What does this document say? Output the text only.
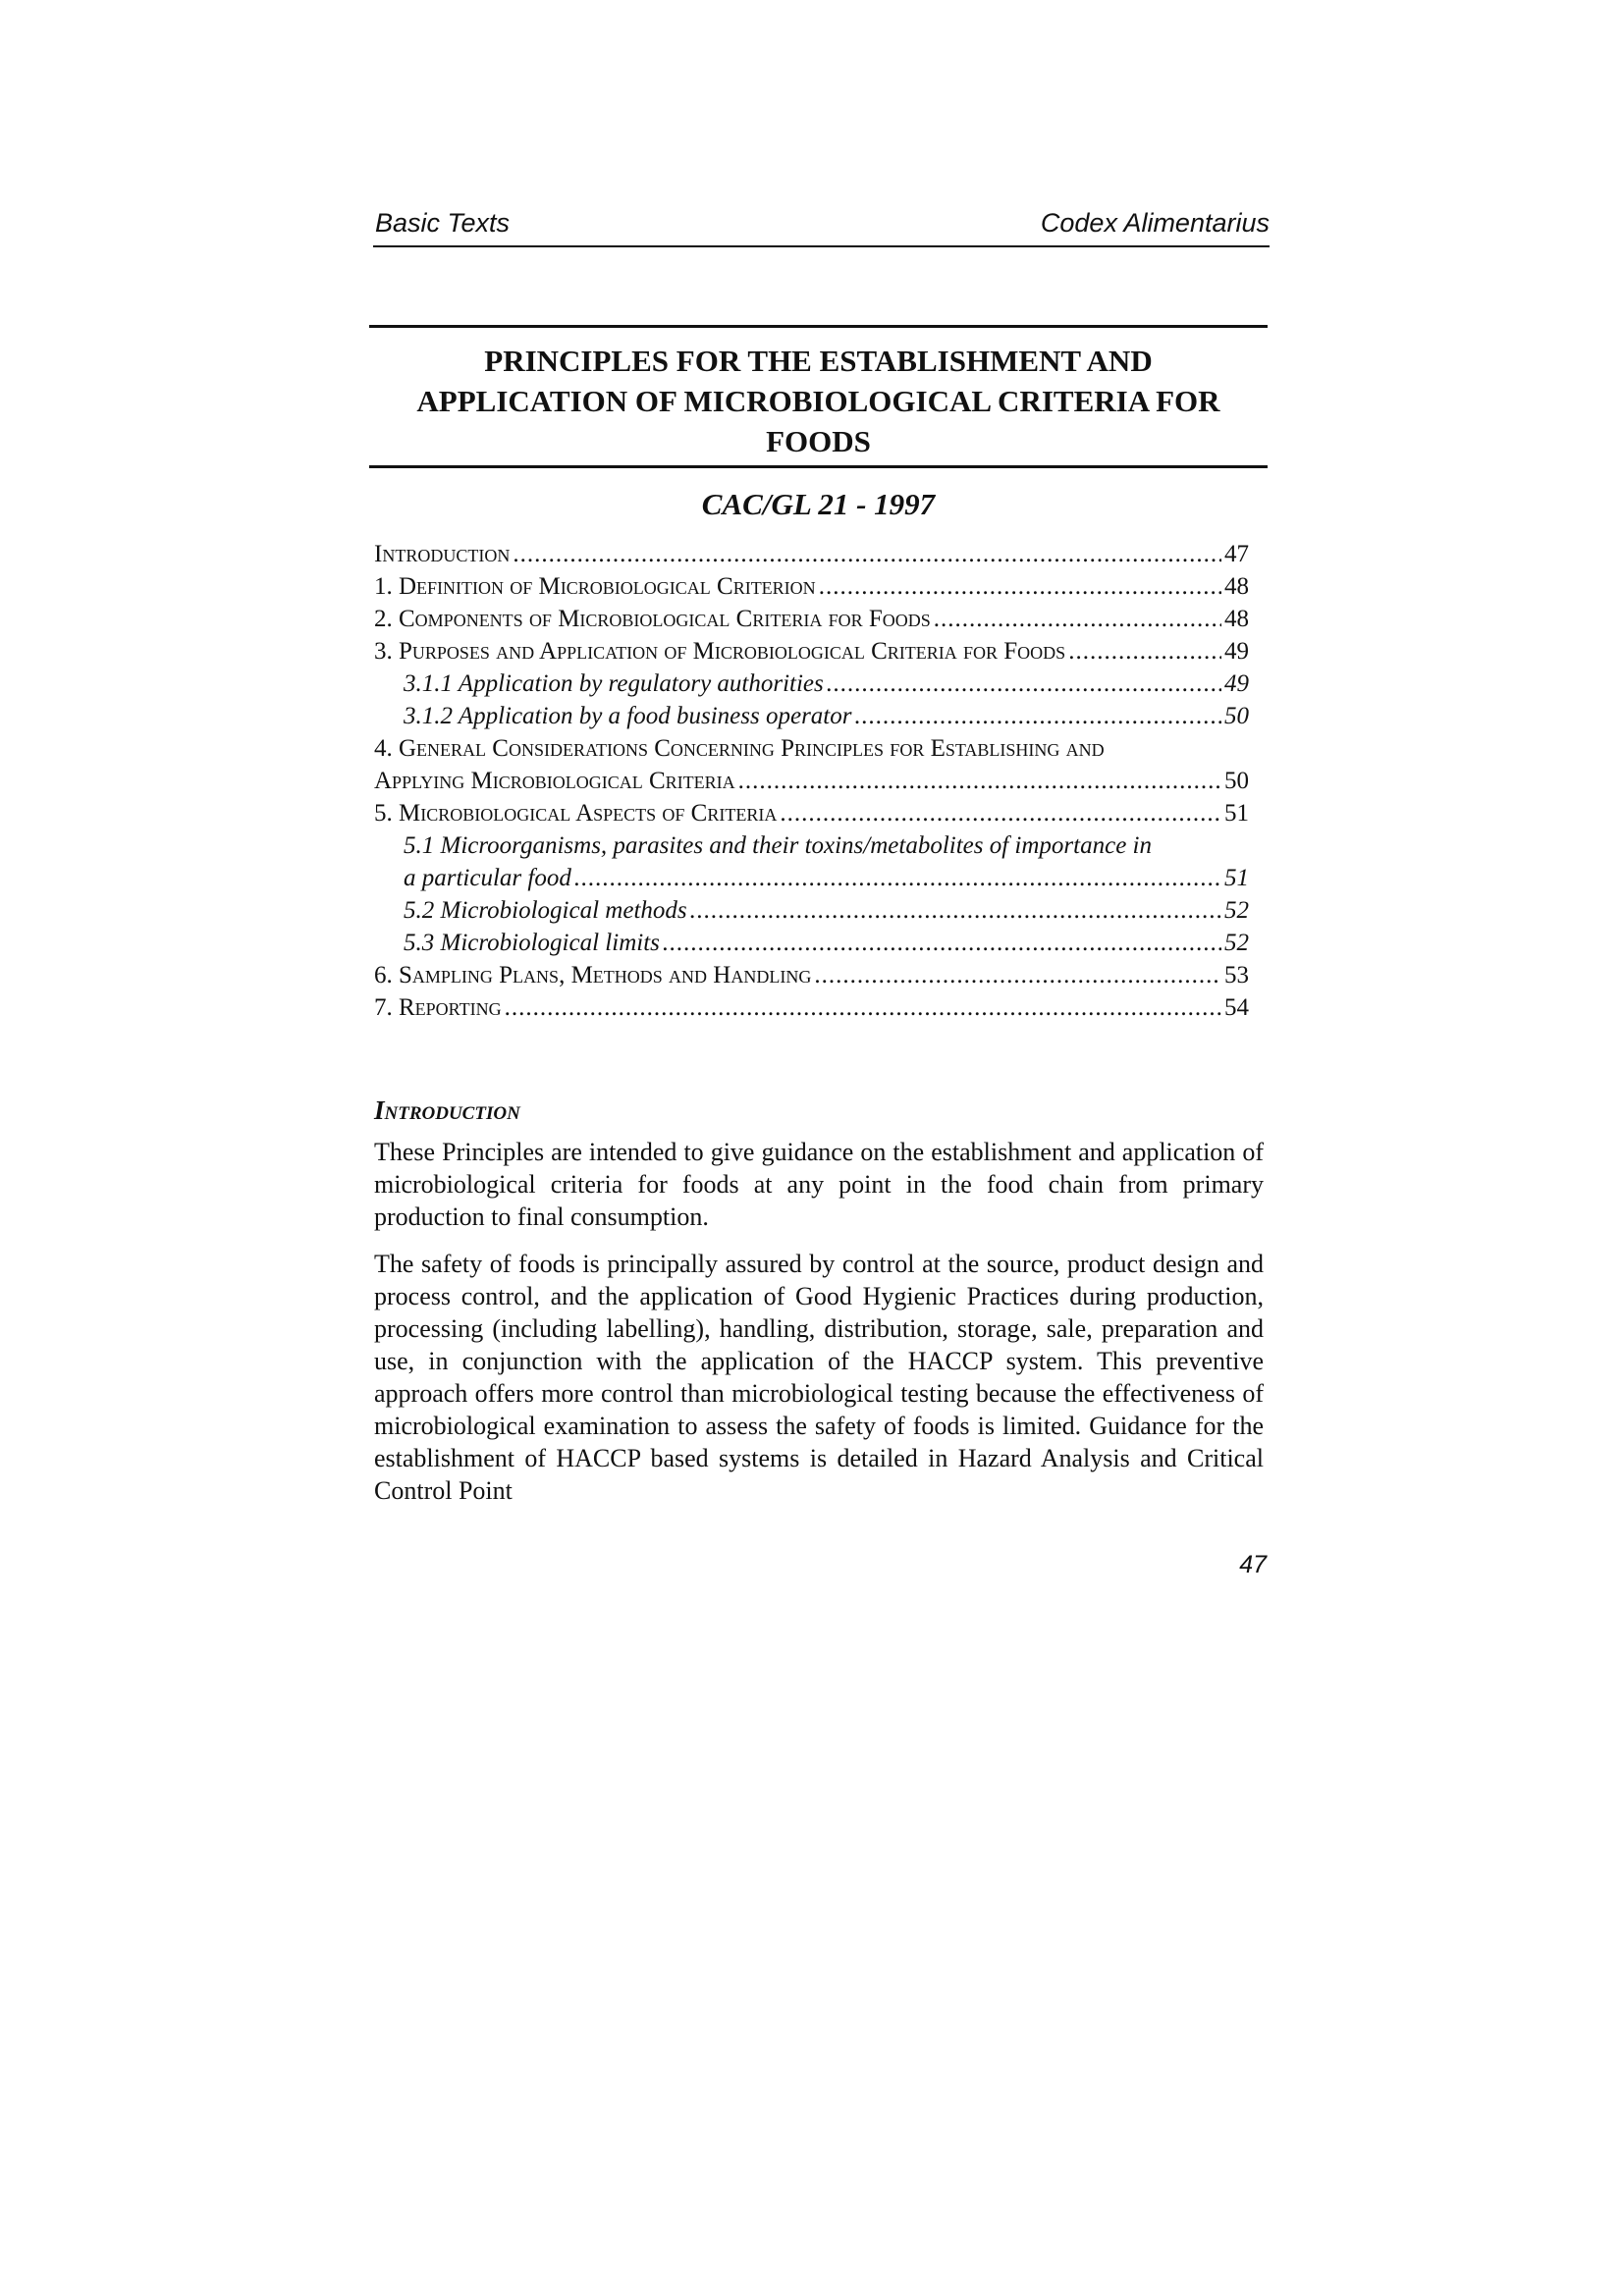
Basic Texts	Codex Alimentarius
PRINCIPLES FOR THE ESTABLISHMENT AND
APPLICATION OF MICROBIOLOGICAL CRITERIA FOR
FOODS
CAC/GL 21 - 1997
Introduction .....	47
1. Definition of Microbiological Criterion .....	48
2. Components of Microbiological Criteria for Foods .....	48
3. Purposes and Application of Microbiological Criteria for Foods .....	49
3.1.1 Application by regulatory authorities .....	49
3.1.2 Application by a food business operator .....	50
4. General Considerations Concerning Principles for Establishing and
Applying Microbiological Criteria .....	50
5. Microbiological Aspects of Criteria .....	51
5.1 Microorganisms, parasites and their toxins/metabolites of importance in
a particular food .....	51
5.2 Microbiological methods .....	52
5.3 Microbiological limits .....	52
6. Sampling Plans, Methods and Handling .....	53
7. Reporting .....	54
Introduction
These Principles are intended to give guidance on the establishment and application of microbiological criteria for foods at any point in the food chain from primary production to final consumption.
The safety of foods is principally assured by control at the source, product design and process control, and the application of Good Hygienic Practices during production, processing (including labelling), handling, distribution, storage, sale, preparation and use, in conjunction with the application of the HACCP system. This preventive approach offers more control than microbiological testing because the effectiveness of microbiological examination to assess the safety of foods is limited. Guidance for the establishment of HACCP based systems is detailed in Hazard Analysis and Critical Control Point
47
